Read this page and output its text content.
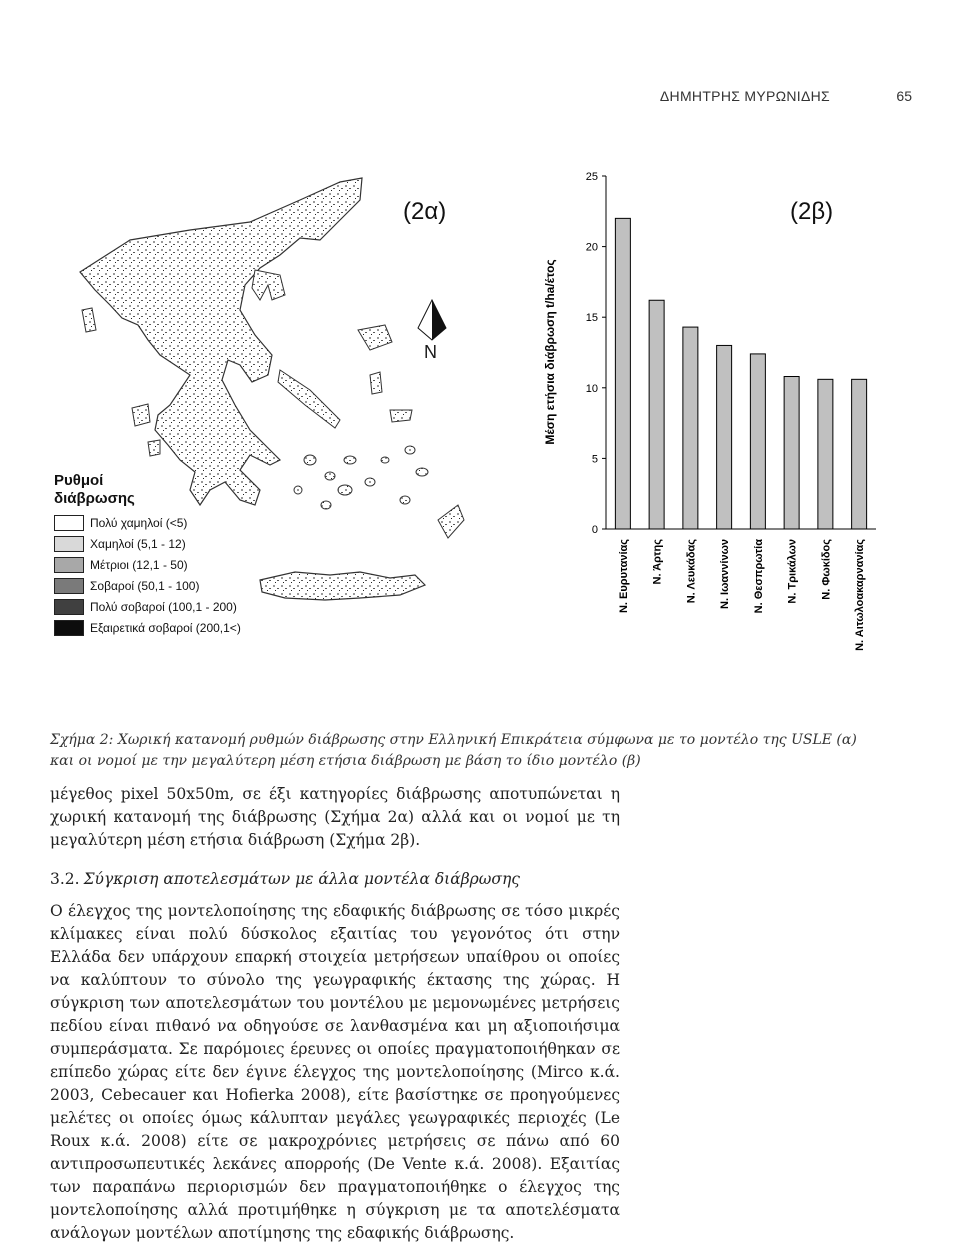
ΔΗΜΗΤΡΗΣ ΜΥΡΩΝΙΔΗΣ	65
(2α)
N
Ρυθμοί
διάβρωσης
Πολύ χαμηλοί (<5)
Χαμηλοί (5,1 - 12)
Μέτριοι (12,1 - 50)
Σοβαροί (50,1 - 100)
Πολύ σοβαροί (100,1 - 200)
Εξαιρετικά σοβαροί (200,1<)
Μέση ετήσια διάβρωση t/ha/έτος
0
5
10
15
20
25
Ν. Ευρυτανίας Ν. Άρτης Ν. Λευκάδας Ν. Ιωαννίνων Ν. Θεσπρωτία Ν. Τρικάλων Ν. Φωκίδος Ν. Αιτωλοακαρνανίας
(2β)
Σχήμα 2: Χωρική κατανομή ρυθμών διάβρωσης στην Ελληνική Επικράτεια σύμφωνα με το μοντέλο της USLE (α) και οι νομοί με την μεγαλύτερη μέση ετήσια διάβρωση με βάση το ίδιο μοντέλο (β)
μέγεθος pixel 50x50m, σε έξι κατηγορίες διάβρωσης αποτυπώνεται η χωρική κατανομή της διάβρωσης (Σχήμα 2α) αλλά και οι νομοί με τη μεγαλύτερη μέση ετήσια διάβρωση (Σχήμα 2β).
3.2. Σύγκριση αποτελεσμάτων με άλλα μοντέλα διάβρωσης
Ο έλεγχος της μοντελοποίησης της εδαφικής διάβρωσης σε τόσο μικρές κλίμακες είναι πολύ δύσκολος εξαιτίας του γεγονότος ότι στην Ελλάδα δεν υπάρχουν επαρκή στοιχεία μετρήσεων υπαίθρου οι οποίες να καλύπτουν το σύνολο της γεωγραφικής έκτασης της χώρας. Η σύγκριση των αποτελεσμάτων του μοντέλου με μεμονωμένες μετρήσεις πεδίου είναι πιθανό να οδηγούσε σε λανθασμένα και μη αξιοποιήσιμα συμπεράσματα. Σε παρόμοιες έρευνες οι οποίες πραγματοποιήθηκαν σε επίπεδο χώρας είτε δεν έγινε έλεγχος της μοντελοποίησης (Mirco κ.ά. 2003, Cebecauer και Hofierka 2008), είτε βασίστηκε σε προηγούμενες μελέτες οι οποίες όμως κάλυπταν μεγάλες γεωγραφικές περιοχές (Le Roux κ.ά. 2008) είτε σε μακροχρόνιες μετρήσεις σε πάνω από 60 αντιπροσωπευτικές λεκάνες απορροής (De Vente κ.ά. 2008). Εξαιτίας των παραπάνω περιορισμών δεν πραγματοποιήθηκε ο έλεγχος της μοντελοποίησης αλλά προτιμήθηκε η σύγκριση με τα αποτελέσματα ανάλογων μοντέλων αποτίμησης της εδαφικής διάβρωσης.
